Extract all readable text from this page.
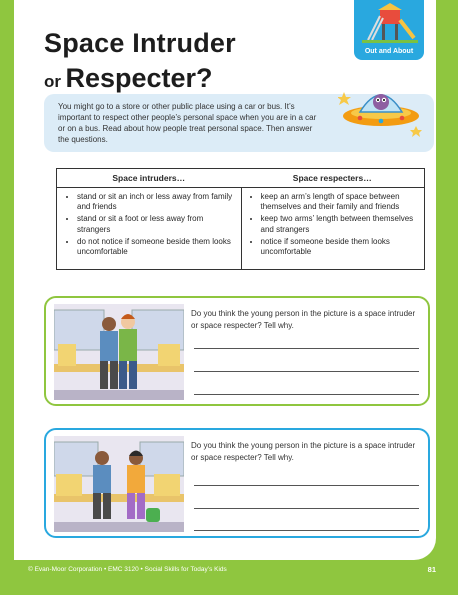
Out and About
Space Intruder
or Respecter?

You might go to a store or other public place using a car or bus. It’s important to respect other people’s personal space when you are in a car or on a bus. Read about how people treat personal space. Then answer the questions.

Space intruders…
• stand or sit an inch or less away from family and friends
• stand or sit a foot or less away from strangers
• do not notice if someone beside them looks uncomfortable
Space respecters…
• keep an arm’s length of space between themselves and their family and friends
• keep two arms’ length between themselves and strangers
• notice if someone beside them looks uncomfortable

Do you think the young person in the picture is a space intruder or space respecter? Tell why.

Do you think the young person in the picture is a space intruder or space respecter? Tell why.

© Evan-Moor Corporation • EMC 3120 • Social Skills for Today’s Kids	81
